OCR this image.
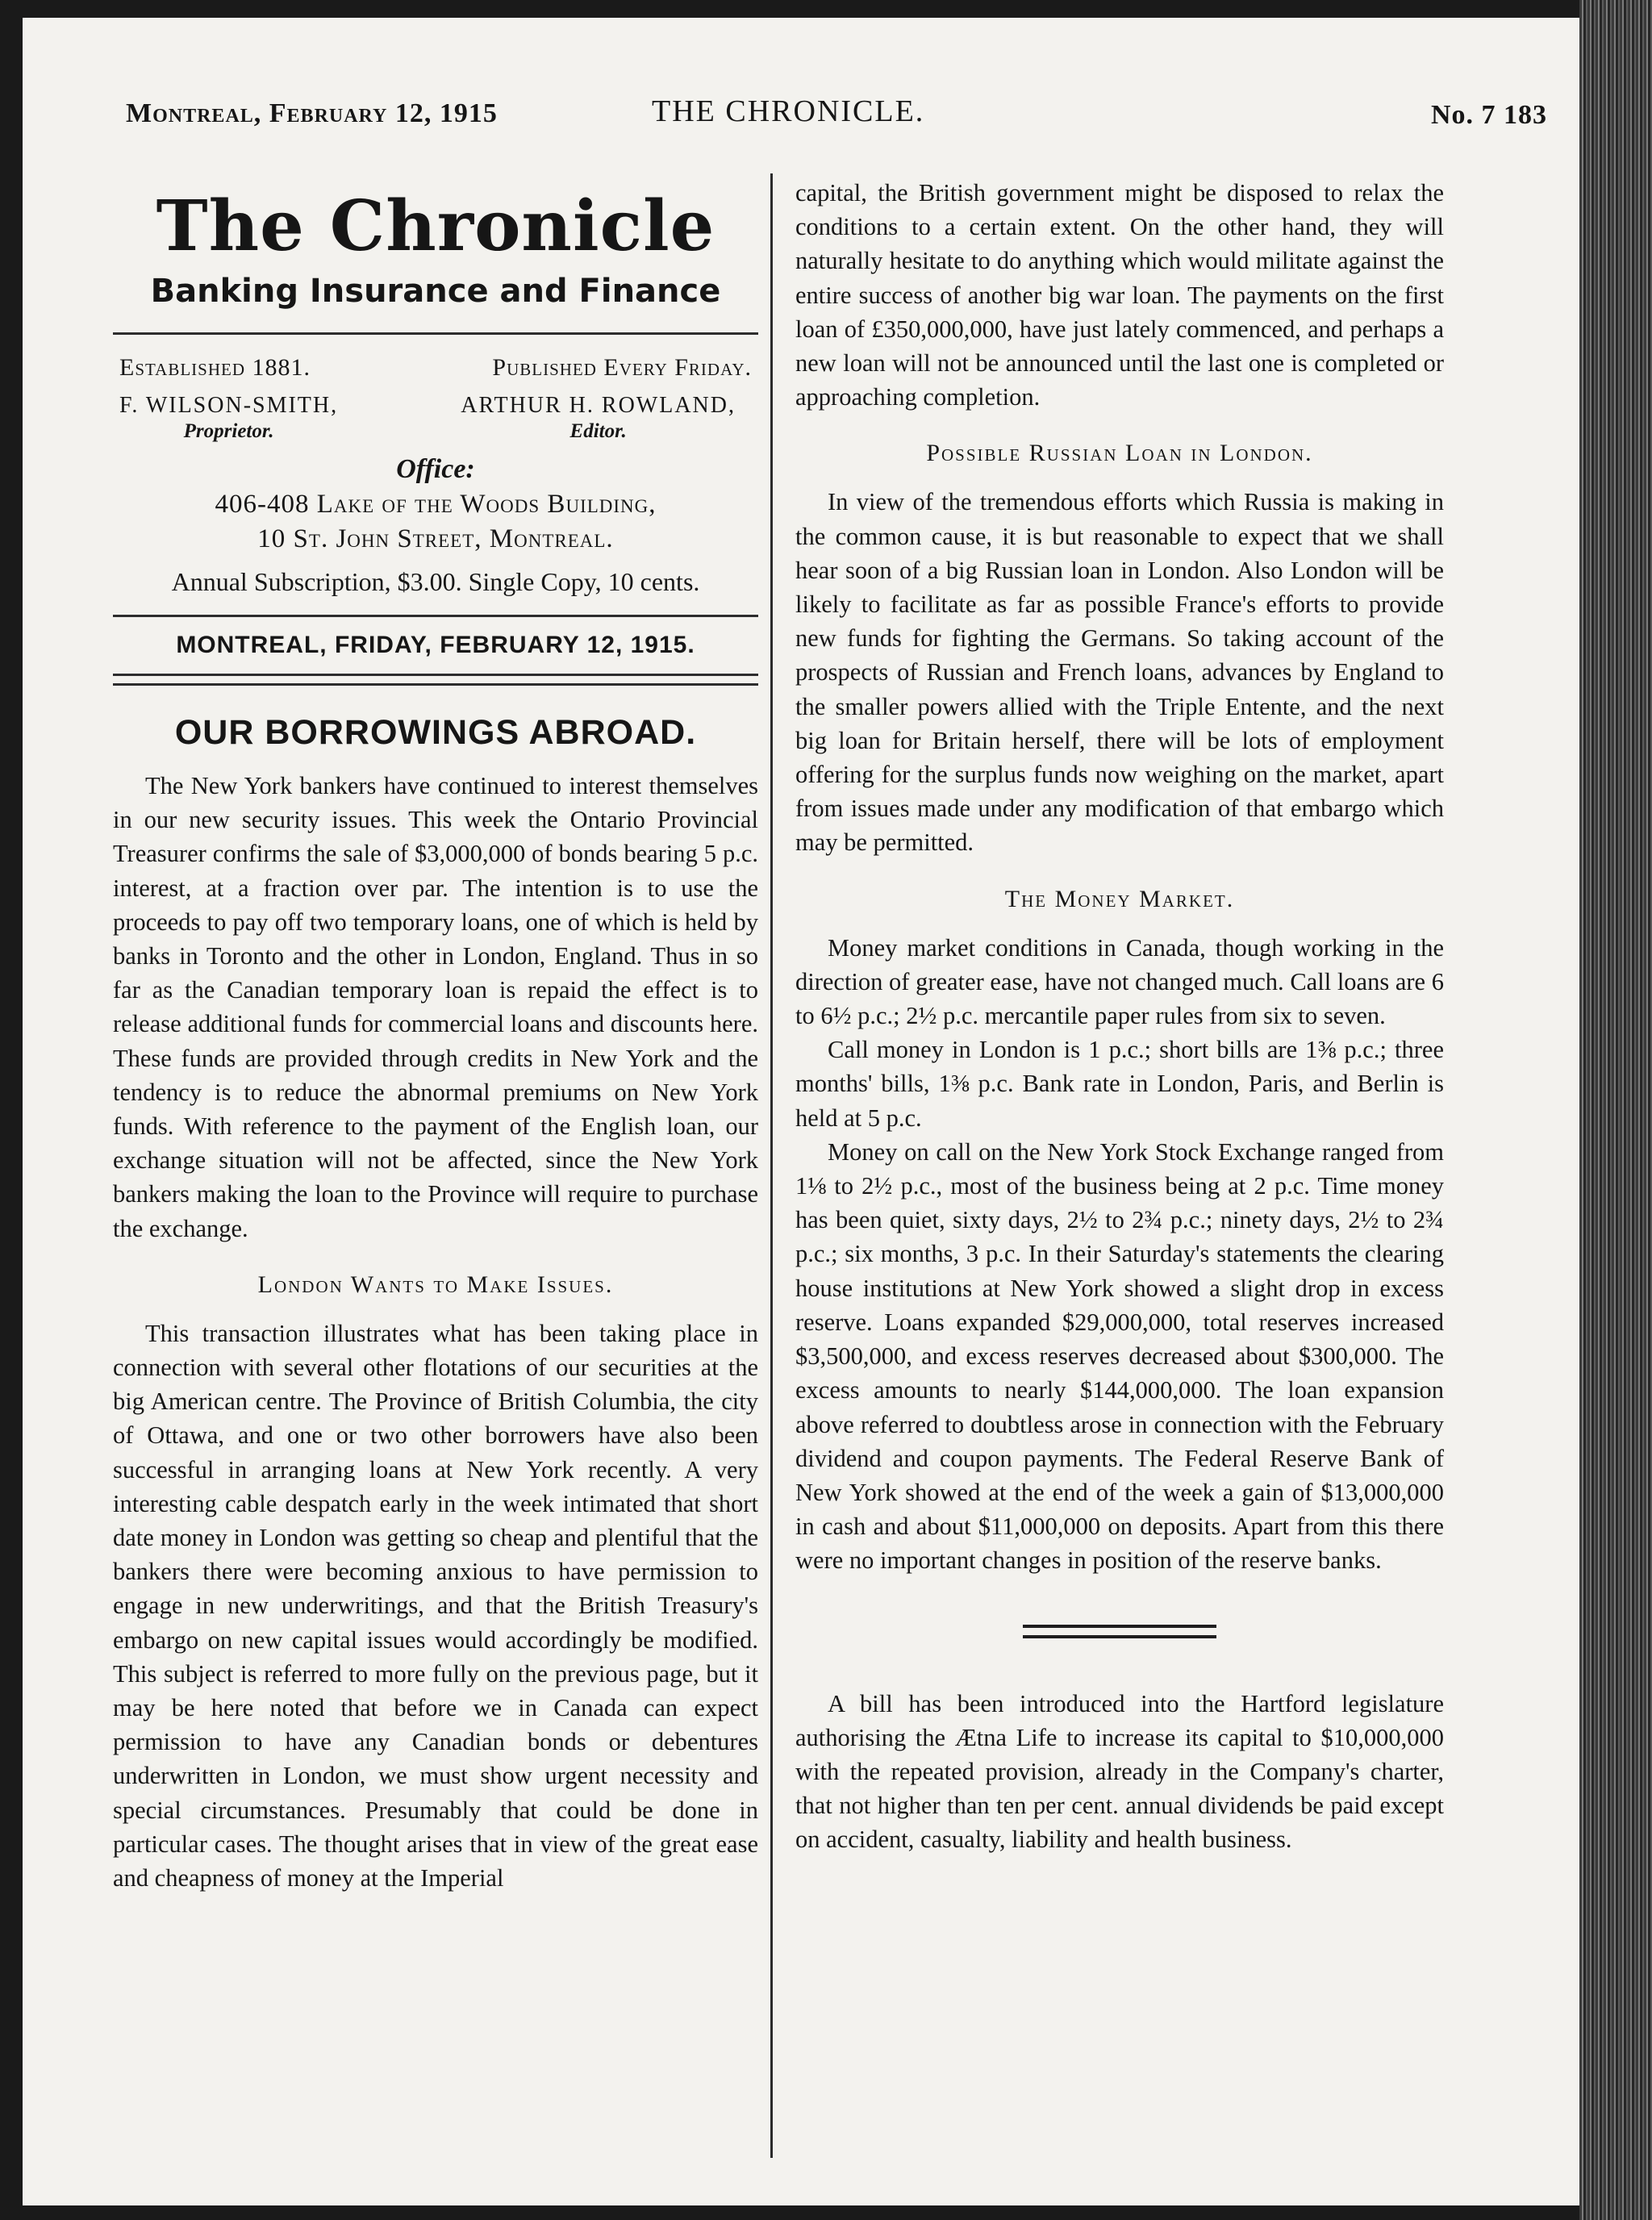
Montreal, February 12, 1915	THE CHRONICLE.	No. 7 183
The Chronicle
Banking Insurance and Finance
Established 1881.	Published Every Friday.
F. WILSON-SMITH,
Proprietor.
ARTHUR H. ROWLAND,
Editor.
Office:
406-408 Lake of the Woods Building,
10 St. John Street, Montreal.
Annual Subscription, $3.00. Single Copy, 10 cents.
MONTREAL, FRIDAY, FEBRUARY 12, 1915.
OUR BORROWINGS ABROAD.

The New York bankers have continued to interest themselves in our new security issues. This week the Ontario Provincial Treasurer confirms the sale of $3,000,000 of bonds bearing 5 p.c. interest, at a fraction over par. The intention is to use the proceeds to pay off two temporary loans, one of which is held by banks in Toronto and the other in London, England. Thus in so far as the Canadian temporary loan is repaid the effect is to release additional funds for commercial loans and discounts here. These funds are provided through credits in New York and the tendency is to reduce the abnormal premiums on New York funds. With reference to the payment of the English loan, our exchange situation will not be affected, since the New York bankers making the loan to the Province will require to purchase the exchange.

London Wants to Make Issues.

This transaction illustrates what has been taking place in connection with several other flotations of our securities at the big American centre. The Province of British Columbia, the city of Ottawa, and one or two other borrowers have also been successful in arranging loans at New York recently. A very interesting cable despatch early in the week intimated that short date money in London was getting so cheap and plentiful that the bankers there were becoming anxious to have permission to engage in new underwritings, and that the British Treasury's embargo on new capital issues would accordingly be modified. This subject is referred to more fully on the previous page, but it may be here noted that before we in Canada can expect permission to have any Canadian bonds or debentures underwritten in London, we must show urgent necessity and special circumstances. Presumably that could be done in particular cases. The thought arises that in view of the great ease and cheapness of money at the Imperial

capital, the British government might be disposed to relax the conditions to a certain extent. On the other hand, they will naturally hesitate to do anything which would militate against the entire success of another big war loan. The payments on the first loan of £350,000,000, have just lately commenced, and perhaps a new loan will not be announced until the last one is completed or approaching completion.

Possible Russian Loan in London.

In view of the tremendous efforts which Russia is making in the common cause, it is but reasonable to expect that we shall hear soon of a big Russian loan in London. Also London will be likely to facilitate as far as possible France's efforts to provide new funds for fighting the Germans. So taking account of the prospects of Russian and French loans, advances by England to the smaller powers allied with the Triple Entente, and the next big loan for Britain herself, there will be lots of employment offering for the surplus funds now weighing on the market, apart from issues made under any modification of that embargo which may be permitted.

The Money Market.

Money market conditions in Canada, though working in the direction of greater ease, have not changed much. Call loans are 6 to 6½ p.c.; 2½ p.c. mercantile paper rules from six to seven.

Call money in London is 1 p.c.; short bills are 1⅜ p.c.; three months' bills, 1⅜ p.c. Bank rate in London, Paris, and Berlin is held at 5 p.c.

Money on call on the New York Stock Exchange ranged from 1⅛ to 2½ p.c., most of the business being at 2 p.c. Time money has been quiet, sixty days, 2½ to 2¾ p.c.; ninety days, 2½ to 2¾ p.c.; six months, 3 p.c. In their Saturday's statements the clearing house institutions at New York showed a slight drop in excess reserve. Loans expanded $29,000,000, total reserves increased $3,500,000, and excess reserves decreased about $300,000. The excess amounts to nearly $144,000,000. The loan expansion above referred to doubtless arose in connection with the February dividend and coupon payments. The Federal Reserve Bank of New York showed at the end of the week a gain of $13,000,000 in cash and about $11,000,000 on deposits. Apart from this there were no important changes in position of the reserve banks.

A bill has been introduced into the Hartford legislature authorising the Ætna Life to increase its capital to $10,000,000 with the repeated provision, already in the Company's charter, that not higher than ten per cent. annual dividends be paid except on accident, casualty, liability and health business.
